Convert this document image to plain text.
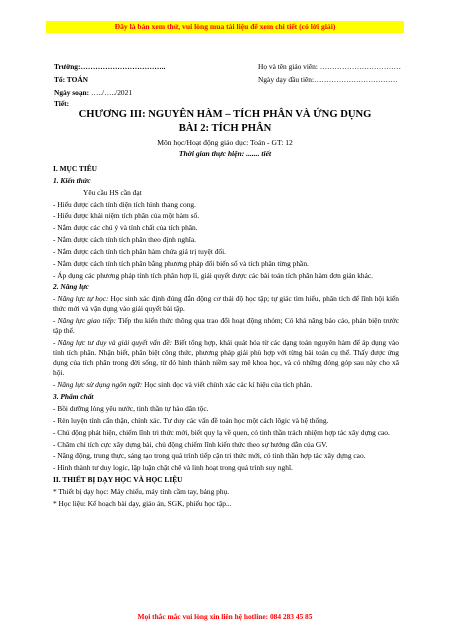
Đây là bản xem thử, vui lòng mua tài liệu để xem chi tiết (có lời giải)
Trường:……………………………..
Tổ: TOÁN
Ngày soạn: …../…../2021
Tiết:
Họ và tên giáo viên: ……………………………
Ngày dạy đầu tiên:…………………………….
CHƯƠNG III: NGUYÊN HÀM – TÍCH PHÂN VÀ ỨNG DỤNG
BÀI 2: TÍCH PHÂN
Môn học/Hoạt động giáo dục: Toán - GT: 12
Thời gian thực hiện: ....... tiết

I. MỤC TIÊU

1. Kiến thức

Yêu cầu HS cần đạt

- Hiểu được cách tính diện tích hình thang cong.

- Hiểu được khái niệm tích phân của một hàm số.

- Nắm được các chú ý và tính chất của tích phân.

- Nắm được cách tính tích phân theo định nghĩa.

- Nắm được cách tính tích phân hàm chứa giá trị tuyệt đối.

- Nắm được cách tính tích phân bằng phương pháp đổi biến số và tích phân từng phần.

- Áp dụng các phương pháp tính tích phân hợp lí, giải quyết được các bài toán tích phân hàm đơn giản khác.

2. Năng lực

- Năng lực tự học: Học sinh xác định đúng đắn động cơ thái độ học tập; tự giác tìm hiểu, phân tích để lĩnh hội kiến thức mới và vận dụng vào giải quyết bài tập.

- Năng lực giao tiếp: Tiếp thu kiến thức thông qua trao đổi hoạt động nhóm; Có khả năng báo cáo, phản biện trước tập thể.

- Năng lực tư duy và giải quyết vấn đề: Biết tổng hợp, khái quát hóa từ các dạng toán nguyên hàm để áp dụng vào tính tích phân. Nhận biết, phân biệt công thức, phương pháp giải phù hợp với từng bài toán cụ thể. Thấy được ứng dụng của tích phân trong đời sống, từ đó hình thành niềm say mê khoa học, và có những đóng góp sau này cho xã hội.

- Năng lực sử dụng ngôn ngữ: Học sinh đọc và viết chính xác các kí hiệu của tích phân.

3. Phẩm chất

- Bồi dưỡng lòng yêu nước, tinh thần tự hào dân tộc.

- Rèn luyện tính cẩn thận, chính xác. Tư duy các vấn đề toán học một cách lôgic và hệ thống.

- Chủ động phát hiện, chiếm lĩnh tri thức mới, biết quy lạ về quen, có tinh thần trách nhiệm hợp tác xây dựng cao.

- Chăm chỉ tích cực xây dựng bài, chủ động chiếm lĩnh kiến thức theo sự hướng dẫn của GV.

- Năng động, trung thực, sáng tạo trong quá trình tiếp cận tri thức mới, có tinh thần hợp tác xây dựng cao.

- Hình thành tư duy logic, lập luận chặt chẽ và linh hoạt trong quá trình suy nghĩ.

II. THIẾT BỊ DẠY HỌC VÀ HỌC LIỆU

* Thiết bị dạy học: Máy chiếu, máy tính cầm tay, bảng phụ.

* Học liệu: Kế hoạch bài dạy, giáo án, SGK, phiếu học tập...

Mọi thắc mắc vui lòng xin liên hệ hotline: 084 283 45 85
